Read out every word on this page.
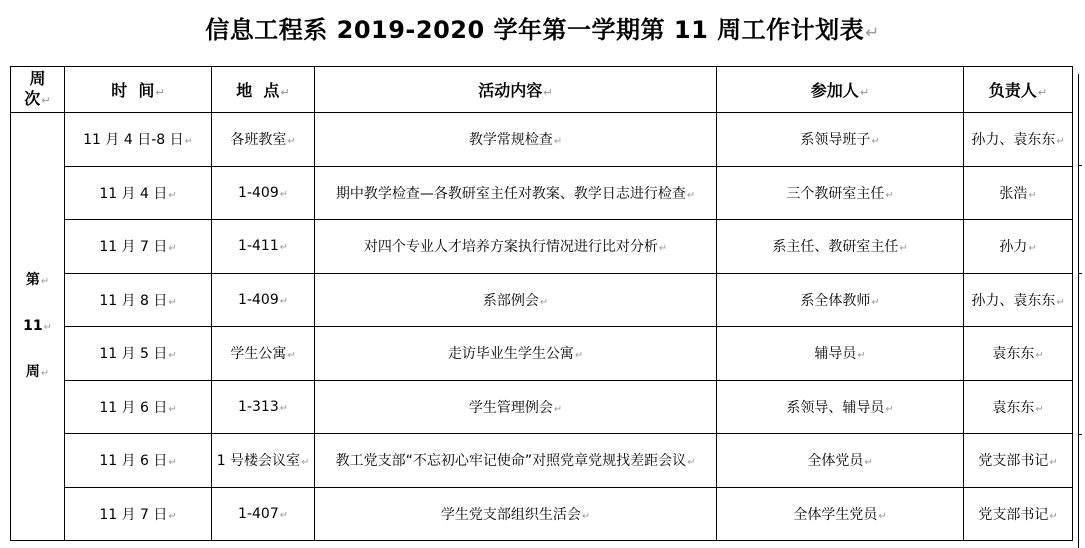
信息工程系 2019-2020 学年第一学期第 11 周工作计划表↵
周
次↵	时  间↵	地  点↵	活动内容↵	参加人↵	负责人↵
第↵
11↵
周↵	11 月 4 日-8 日↵	各班教室↵	教学常规检查↵	系领导班子↵	孙力、袁东东↵
	11 月 4 日↵	1-409↵	期中教学检查—各教研室主任对教案、教学日志进行检查↵	三个教研室主任↵	张浩↵
	11 月 7 日↵	1-411↵	对四个专业人才培养方案执行情况进行比对分析↵	系主任、教研室主任↵	孙力↵
	11 月 8 日↵	1-409↵	系部例会↵	系全体教师↵	孙力、袁东东↵
	11 月 5 日↵	学生公寓↵	走访毕业生学生公寓↵	辅导员↵	袁东东↵
	11 月 6 日↵	1-313↵	学生管理例会↵	系领导、辅导员↵	袁东东↵
	11 月 6 日↵	1 号楼会议室↵	教工党支部“不忘初心牢记使命”对照党章党规找差距会议↵	全体党员↵	党支部书记↵
	11 月 7 日↵	1-407↵	学生党支部组织生活会↵	全体学生党员↵	党支部书记↵
